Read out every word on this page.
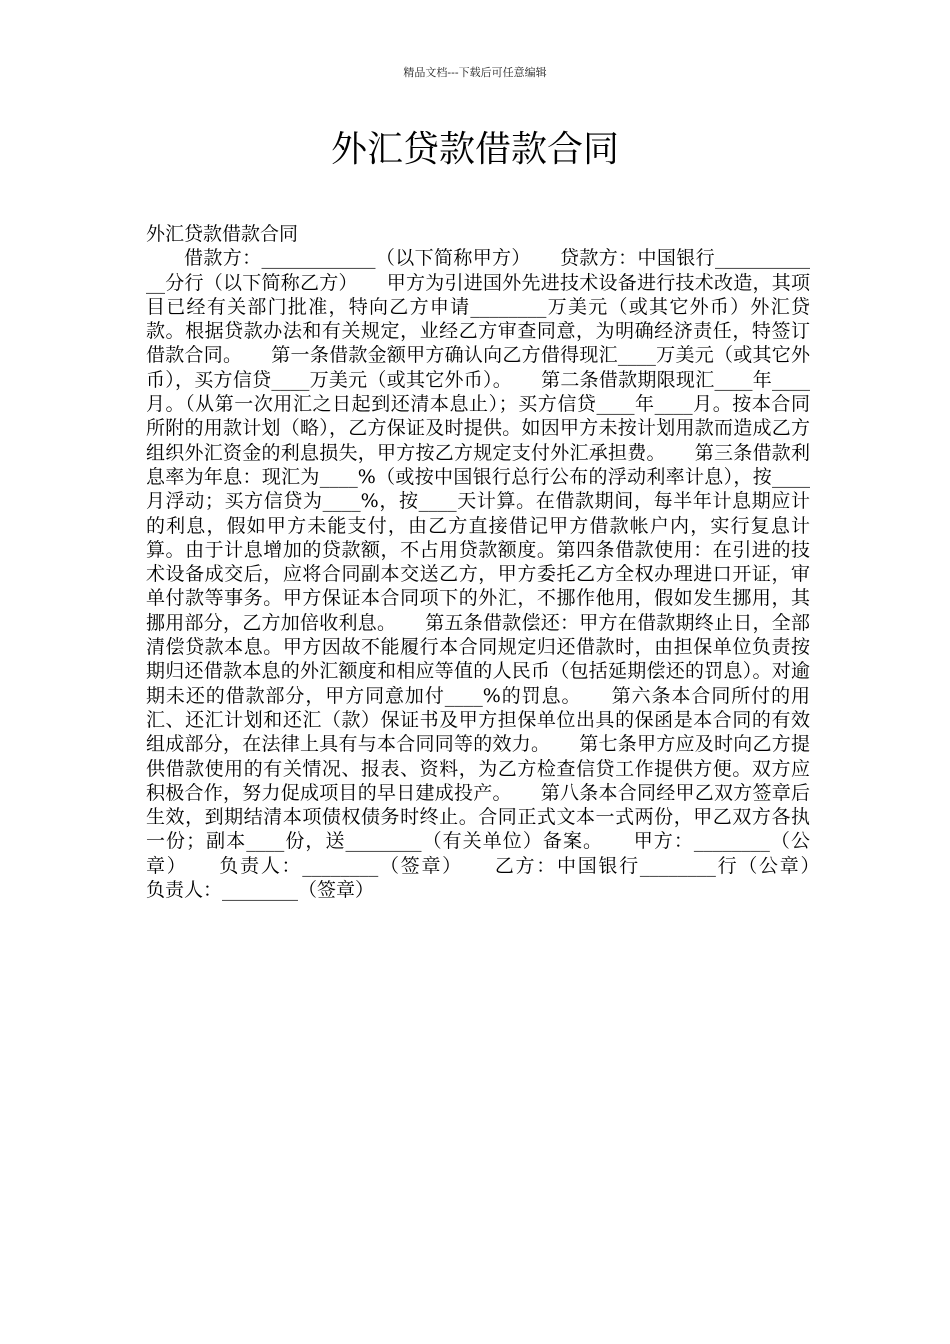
精品文档---下载后可任意编辑
外汇贷款借款合同
外汇贷款借款合同
借款方：____________（以下简称甲方）　　贷款方：中国银行____________分行（以下简称乙方）　　甲方为引进国外先进技术设备进行技术改造，其项目已经有关部门批准，特向乙方申请________万美元（或其它外币）外汇贷款。根据贷款办法和有关规定，业经乙方审查同意，为明确经济责任，特签订借款合同。　　第一条借款金额甲方确认向乙方借得现汇____万美元（或其它外币），买方信贷____万美元（或其它外币）。　　第二条借款期限现汇____年____月。（从第一次用汇之日起到还清本息止）；买方信贷____年____月。按本合同所附的用款计划（略），乙方保证及时提供。如因甲方未按计划用款而造成乙方组织外汇资金的利息损失，甲方按乙方规定支付外汇承担费。　　第三条借款利息率为年息：现汇为____%（或按中国银行总行公布的浮动利率计息），按____月浮动；买方信贷为____%，按____天计算。在借款期间，每半年计息期应计的利息，假如甲方未能支付，由乙方直接借记甲方借款帐户内，实行复息计算。由于计息增加的贷款额，不占用贷款额度。第四条借款使用：在引进的技术设备成交后，应将合同副本交送乙方，甲方委托乙方全权办理进口开证，审单付款等事务。甲方保证本合同项下的外汇，不挪作他用，假如发生挪用，其挪用部分，乙方加倍收利息。　　第五条借款偿还：甲方在借款期终止日，全部清偿贷款本息。甲方因故不能履行本合同规定归还借款时，由担保单位负责按期归还借款本息的外汇额度和相应等值的人民币（包括延期偿还的罚息）。对逾期未还的借款部分，甲方同意加付____%的罚息。　　第六条本合同所付的用汇、还汇计划和还汇（款）保证书及甲方担保单位出具的保函是本合同的有效组成部分，在法律上具有与本合同同等的效力。　　第七条甲方应及时向乙方提供借款使用的有关情况、报表、资料，为乙方检查信贷工作提供方便。双方应积极合作，努力促成项目的早日建成投产。　　第八条本合同经甲乙双方签章后生效，到期结清本项债权债务时终止。合同正式文本一式两份，甲乙双方各执一份；副本____份，送________（有关单位）备案。　　甲方：________（公章）　　负责人：________（签章）　　乙方：中国银行________行（公章）　　负责人：________（签章）
